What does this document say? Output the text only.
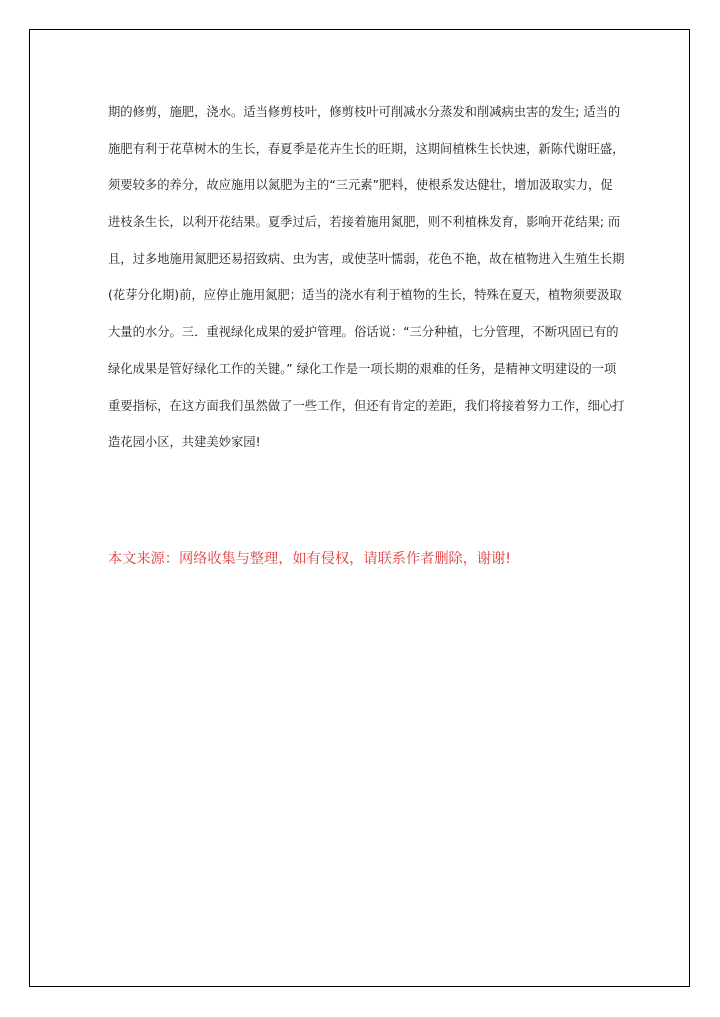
期的修剪，施肥，浇水。适当修剪枝叶，修剪枝叶可削减水分蒸发和削减病虫害的发生; 适当的
施肥有利于花草树木的生长，春夏季是花卉生长的旺期，这期间植株生长快速，新陈代谢旺盛，
须要较多的养分，故应施用以氮肥为主的“三元素”肥料，使根系发达健壮，增加汲取实力，促
进枝条生长，以利开花结果。夏季过后，若接着施用氮肥，则不利植株发育，影响开花结果; 而
且，过多地施用氮肥还易招致病、虫为害，或使茎叶懦弱，花色不艳，故在植物进入生殖生长期
(花芽分化期)前，应停止施用氮肥；适当的浇水有利于植物的生长，特殊在夏天，植物须要汲取
大量的水分。三．重视绿化成果的爱护管理。俗话说：“三分种植，七分管理，不断巩固已有的
绿化成果是管好绿化工作的关键。” 绿化工作是一项长期的艰难的任务，是精神文明建设的一项
重要指标，在这方面我们虽然做了一些工作，但还有肯定的差距，我们将接着努力工作，细心打
造花园小区，共建美妙家园!
本文来源：网络收集与整理，如有侵权，请联系作者删除，谢谢!
